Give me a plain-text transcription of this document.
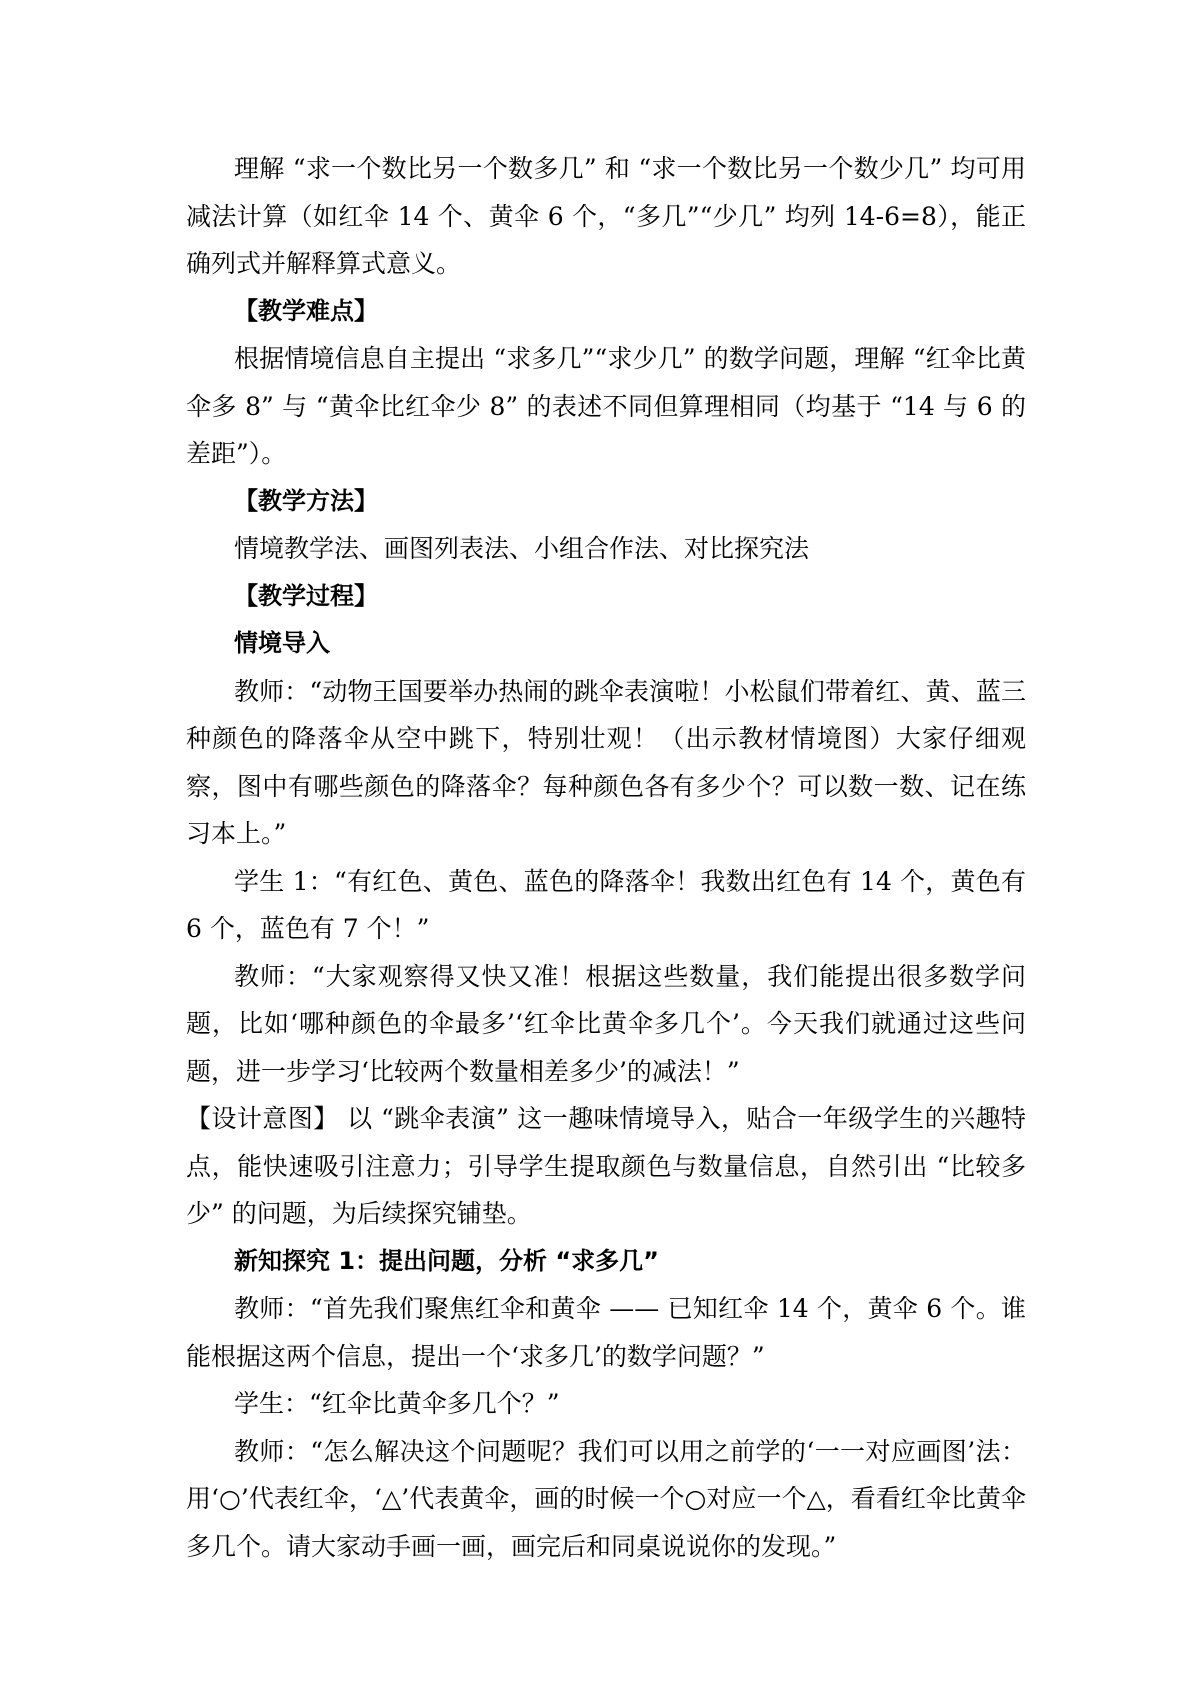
理解 “求一个数比另一个数多几” 和 “求一个数比另一个数少几” 均可用减法计算（如红伞 14 个、黄伞 6 个，“多几”“少几” 均列 14-6=8），能正确列式并解释算式意义。

【教学难点】

根据情境信息自主提出 “求多几”“求少几” 的数学问题，理解 “红伞比黄伞多 8” 与 “黄伞比红伞少 8” 的表述不同但算理相同（均基于 “14 与 6 的差距”）。

【教学方法】

情境教学法、画图列表法、小组合作法、对比探究法

【教学过程】

情境导入

教师：“动物王国要举办热闹的跳伞表演啦！小松鼠们带着红、黄、蓝三种颜色的降落伞从空中跳下，特别壮观！（出示教材情境图）大家仔细观察，图中有哪些颜色的降落伞？每种颜色各有多少个？可以数一数、记在练习本上。”

学生 1：“有红色、黄色、蓝色的降落伞！我数出红色有 14 个，黄色有 6 个，蓝色有 7 个！”

教师：“大家观察得又快又准！根据这些数量，我们能提出很多数学问题，比如‘哪种颜色的伞最多’‘红伞比黄伞多几个’。今天我们就通过这些问题，进一步学习‘比较两个数量相差多少’的减法！”

【设计意图】 以 “跳伞表演” 这一趣味情境导入，贴合一年级学生的兴趣特点，能快速吸引注意力；引导学生提取颜色与数量信息，自然引出 “比较多少” 的问题，为后续探究铺垫。

新知探究 1：提出问题，分析 “求多几”

教师：“首先我们聚焦红伞和黄伞 —— 已知红伞 14 个，黄伞 6 个。谁能根据这两个信息，提出一个‘求多几’的数学问题？”

学生：“红伞比黄伞多几个？”

教师：“怎么解决这个问题呢？我们可以用之前学的‘一一对应画图’法：用‘○’代表红伞，‘△’代表黄伞，画的时候一个○对应一个△，看看红伞比黄伞多几个。请大家动手画一画，画完后和同桌说说你的发现。”
